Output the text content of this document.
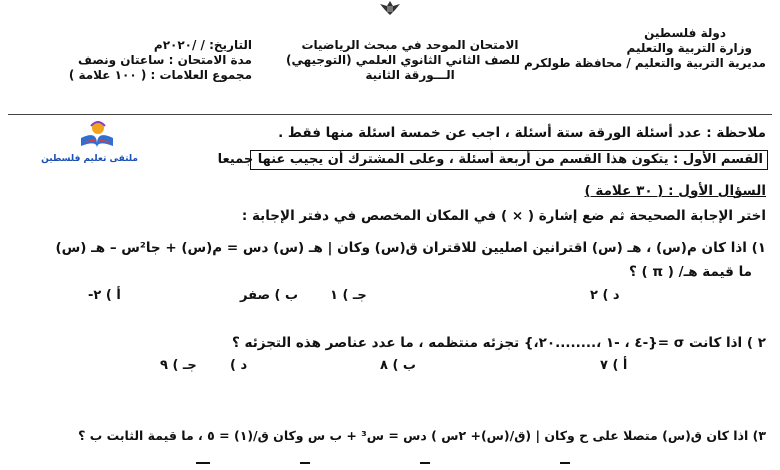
دولة فلسطين
وزارة التربية والتعليم
مديرية التربية والتعليم / محافظة طولكرم
الامتحان الموحد في مبحث الرياضيات
للصف الثاني الثانوي العلمي (التوجيهي)
الـــورقة الثانية
التاريخ: / /٢٠٢٠م
مدة الامتحان : ساعتان ونصف
مجموع العلامات : ( ١٠٠ علامة )
ملتقى تعليم فلسطين
ملاحظة : عدد أسئلة الورقة ستة أسئلة ، اجب عن خمسة اسئلة منها فقط .
القسم الأول : يتكون هذا القسم من أربعة أسئلة ، وعلى المشترك أن يجيب عنها جميعا
السؤال الأول : ( ٣٠ علامة )
اختر الإجابة الصحيحة ثم ضع إشارة ( × ) في المكان المخصص في دفتر الإجابة :
١) اذا كان م(س) ، هـ (س) اقترانين اصليين للاقتران ق(س) وكان | هـ (س) دس = م(س) + جا²س – هـ (س)
ما قيمة هـ/ ( π ) ؟
أ ) ٢-	ب ) صفر جـ ) ١	د ) ٢
٢ ) اذا كانت σ ={-٤ ، -١ ،........٢٠،} تجزئه منتظمه ، ما عدد عناصر هذه التجزئه ؟
أ ) ٧
ب ) ٨
جـ ) ٩	د )
٣) اذا كان ق(س) متصلا على ح وكان | (ق/(س)+ ٢س ) دس = س³ + ب س وكان ق/(١) = ٥ ، ما قيمة الثابت ب ؟
